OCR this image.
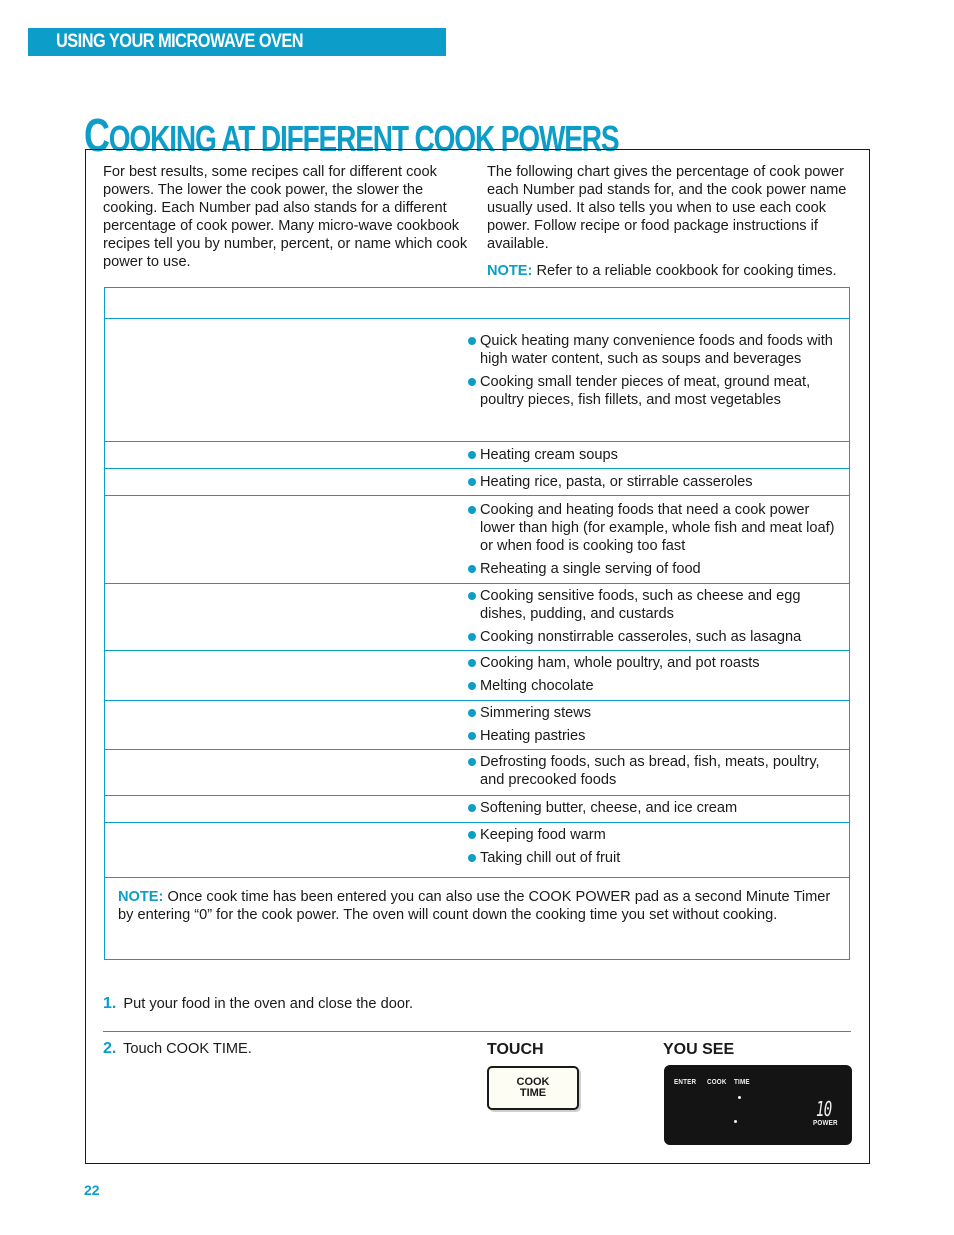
USING YOUR MICROWAVE OVEN
COOKING AT DIFFERENT COOK POWERS
For best results, some recipes call for different cook powers. The lower the cook power, the slower the cooking. Each Number pad also stands for a different percentage of cook power. Many micro-wave cookbook recipes tell you by number, percent, or name which cook power to use.
The following chart gives the percentage of cook power each Number pad stands for, and the cook power name usually used. It also tells you when to use each cook power. Follow recipe or food package instructions if available.
NOTE: Refer to a reliable cookbook for cooking times.
Quick heating many convenience foods and foods with high water content, such as soups and beverages
Cooking small tender pieces of meat, ground meat, poultry pieces, fish fillets, and most vegetables
Heating cream soups
Heating rice, pasta, or stirrable casseroles
Cooking and heating foods that need a cook power lower than high (for example, whole fish and meat loaf) or when food is cooking too fast
Reheating a single serving of food
Cooking sensitive foods, such as cheese and egg dishes, pudding, and custards
Cooking nonstirrable casseroles, such as lasagna
Cooking ham, whole poultry, and pot roasts
Melting chocolate
Simmering stews
Heating pastries
Defrosting foods, such as bread, fish, meats, poultry, and precooked foods
Softening butter, cheese, and ice cream
Keeping food warm
Taking chill out of fruit
NOTE: Once cook time has been entered you can also use the COOK POWER pad as a second Minute Timer by entering “0” for the cook power. The oven will count down the cooking time you set without cooking.
1. Put your food in the oven and close the door.
2. Touch COOK TIME.	TOUCH	YOU SEE
COOK
TIME
ENTER COOK TIME
10
POWER
22
